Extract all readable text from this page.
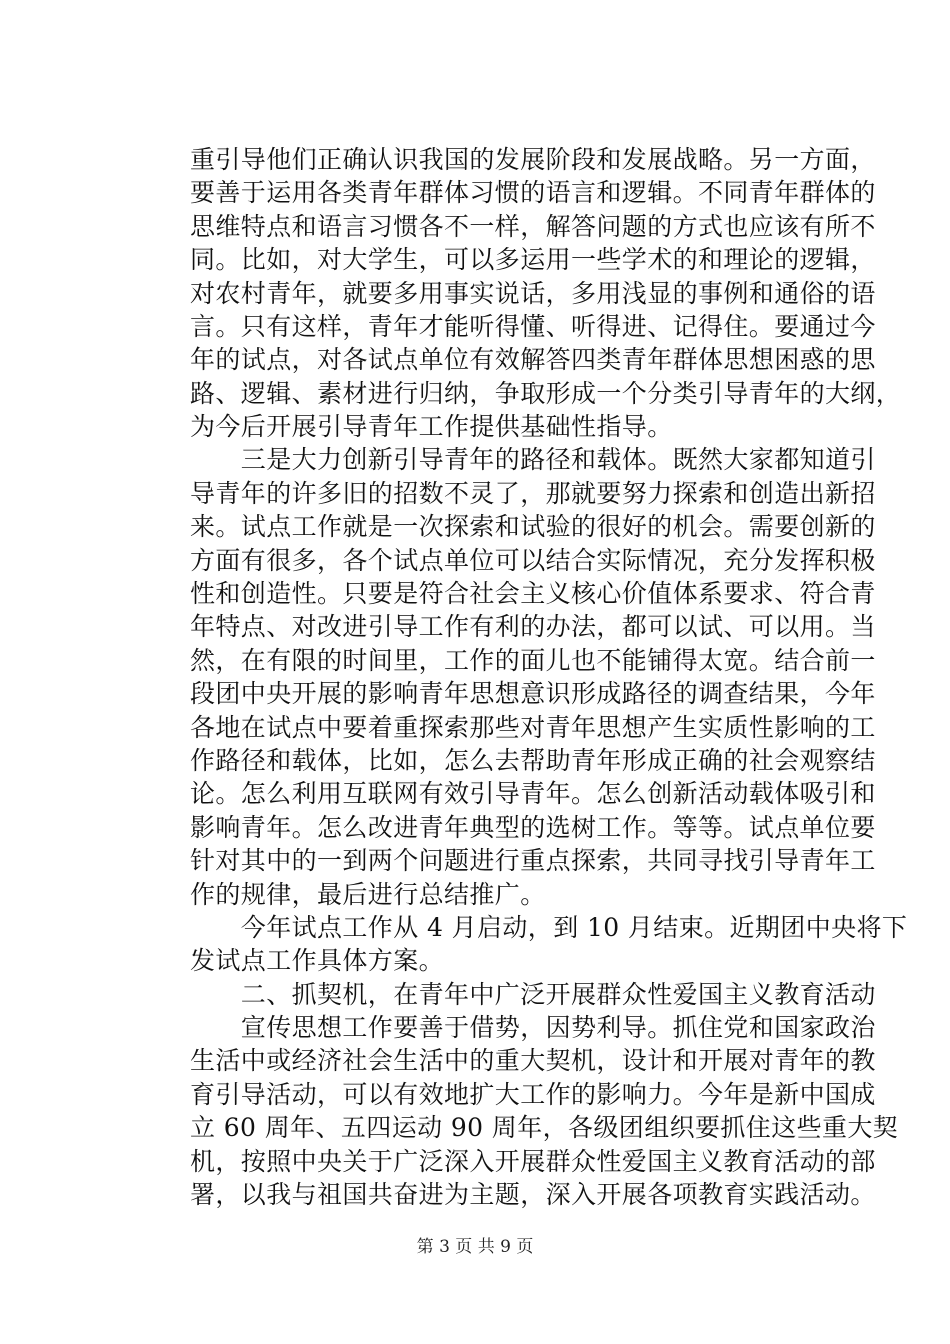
重引导他们正确认识我国的发展阶段和发展战略。另一方面，
要善于运用各类青年群体习惯的语言和逻辑。不同青年群体的
思维特点和语言习惯各不一样，解答问题的方式也应该有所不
同。比如，对大学生，可以多运用一些学术的和理论的逻辑，
对农村青年，就要多用事实说话，多用浅显的事例和通俗的语
言。只有这样，青年才能听得懂、听得进、记得住。要通过今
年的试点，对各试点单位有效解答四类青年群体思想困惑的思
路、逻辑、素材进行归纳，争取形成一个分类引导青年的大纲，
为今后开展引导青年工作提供基础性指导。
　　三是大力创新引导青年的路径和载体。既然大家都知道引
导青年的许多旧的招数不灵了，那就要努力探索和创造出新招
来。试点工作就是一次探索和试验的很好的机会。需要创新的
方面有很多，各个试点单位可以结合实际情况，充分发挥积极
性和创造性。只要是符合社会主义核心价值体系要求、符合青
年特点、对改进引导工作有利的办法，都可以试、可以用。当
然，在有限的时间里，工作的面儿也不能铺得太宽。结合前一
段团中央开展的影响青年思想意识形成路径的调查结果，今年
各地在试点中要着重探索那些对青年思想产生实质性影响的工
作路径和载体，比如，怎么去帮助青年形成正确的社会观察结
论。怎么利用互联网有效引导青年。怎么创新活动载体吸引和
影响青年。怎么改进青年典型的选树工作。等等。试点单位要
针对其中的一到两个问题进行重点探索，共同寻找引导青年工
作的规律，最后进行总结推广。
　　今年试点工作从 4 月启动，到 10 月结束。近期团中央将下
发试点工作具体方案。
　　二、抓契机，在青年中广泛开展群众性爱国主义教育活动
　　宣传思想工作要善于借势，因势利导。抓住党和国家政治
生活中或经济社会生活中的重大契机，设计和开展对青年的教
育引导活动，可以有效地扩大工作的影响力。今年是新中国成
立 60 周年、五四运动 90 周年，各级团组织要抓住这些重大契
机，按照中央关于广泛深入开展群众性爱国主义教育活动的部
署，以我与祖国共奋进为主题，深入开展各项教育实践活动。
第 3 页 共 9 页
